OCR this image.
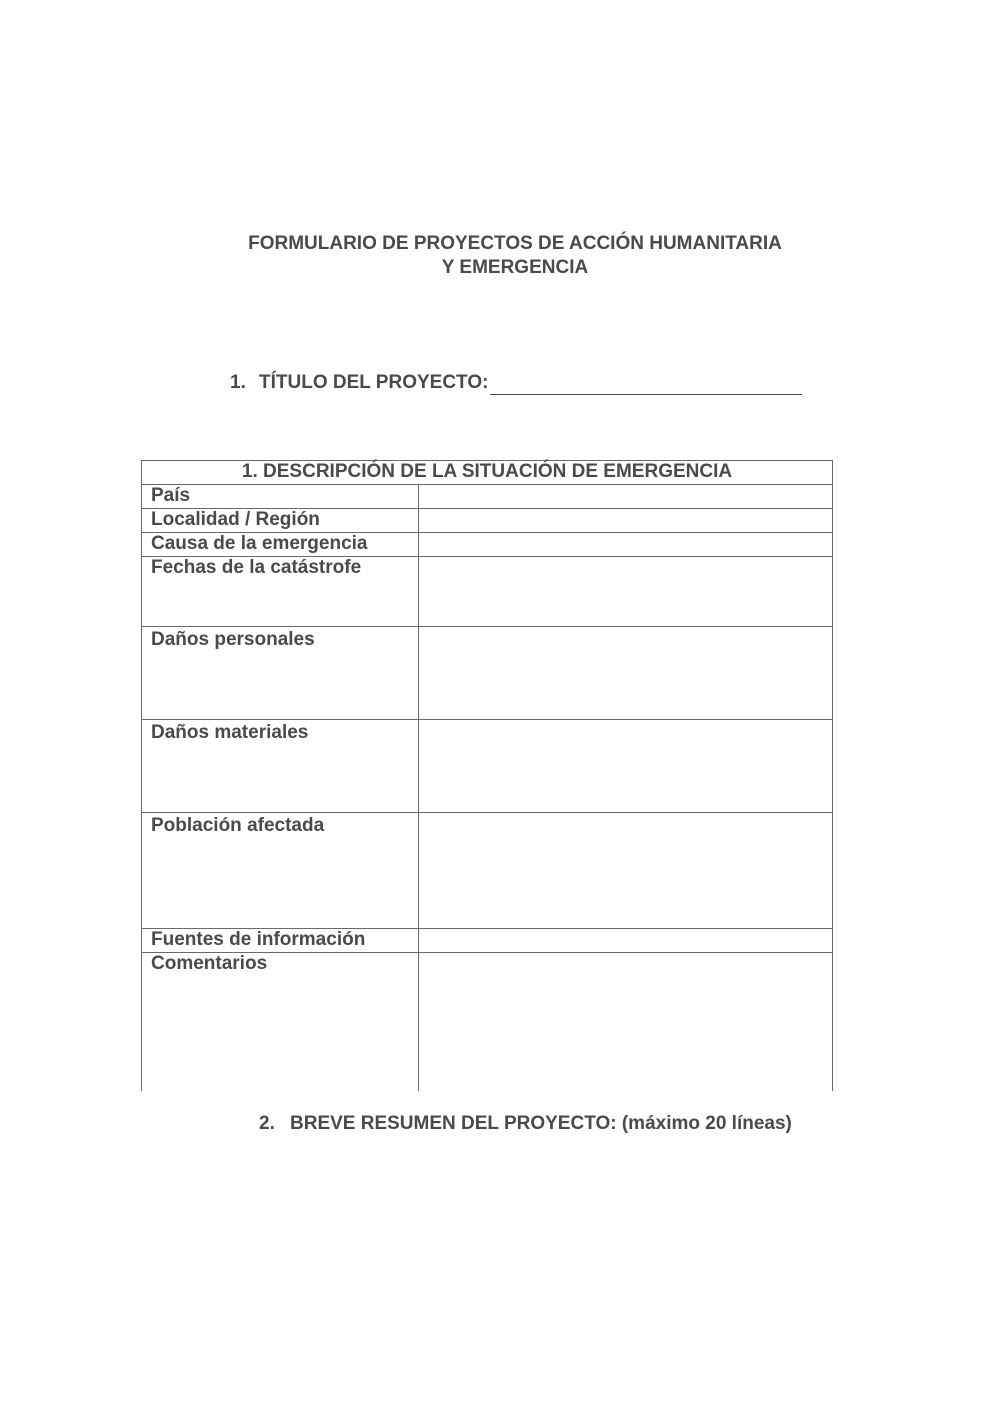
FORMULARIO DE PROYECTOS DE ACCIÓN HUMANITARIA
Y EMERGENCIA
1. TÍTULO DEL PROYECTO:
1. DESCRIPCIÓN DE LA SITUACIÓN DE EMERGENCIA	
País	
Localidad / Región	
Causa de la emergencia	
Fechas de la catástrofe	
Daños personales	
Daños materiales	
Población afectada	
Fuentes de información	
Comentarios	
2. BREVE RESUMEN DEL PROYECTO: (máximo 20 líneas)
